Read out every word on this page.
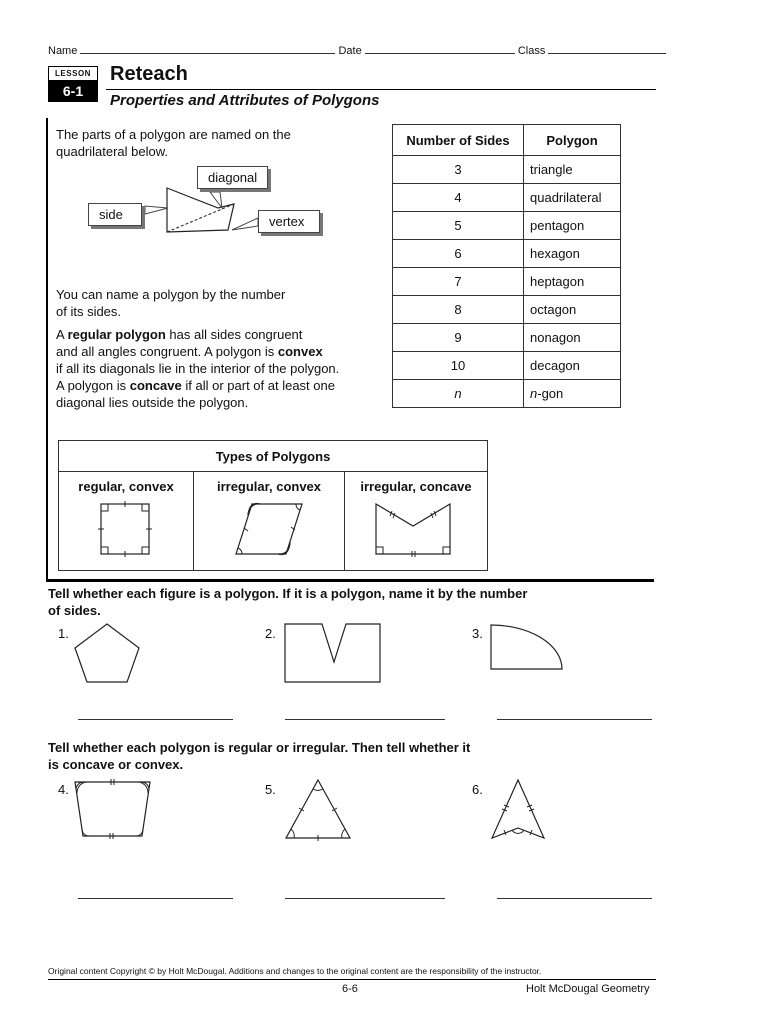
Name	Date	Class
LESSON
6-1
Reteach
Properties and Attributes of Polygons
The parts of a polygon are named on the
quadrilateral below.
diagonal
side	vertex
You can name a polygon by the number
of its sides.
A regular polygon has all sides congruent
and all angles congruent. A polygon is convex
if all its diagonals lie in the interior of the polygon.
A polygon is concave if all or part of at least one
diagonal lies outside the polygon.
Number of Sides	Polygon
3	triangle
4	quadrilateral
5	pentagon
6	hexagon
7	heptagon
8	octagon
9	nonagon
10	decagon
n	n-gon
Types of Polygons

regular, convex	irregular, convex	irregular, concave
Tell whether each figure is a polygon. If it is a polygon, name it by the number
of sides.
1.	2.	3.
Tell whether each polygon is regular or irregular. Then tell whether it
is concave or convex.
4.	5.	6.
Original content Copyright © by Holt McDougal. Additions and changes to the original content are the responsibility of the instructor.
6-6	Holt McDougal Geometry
